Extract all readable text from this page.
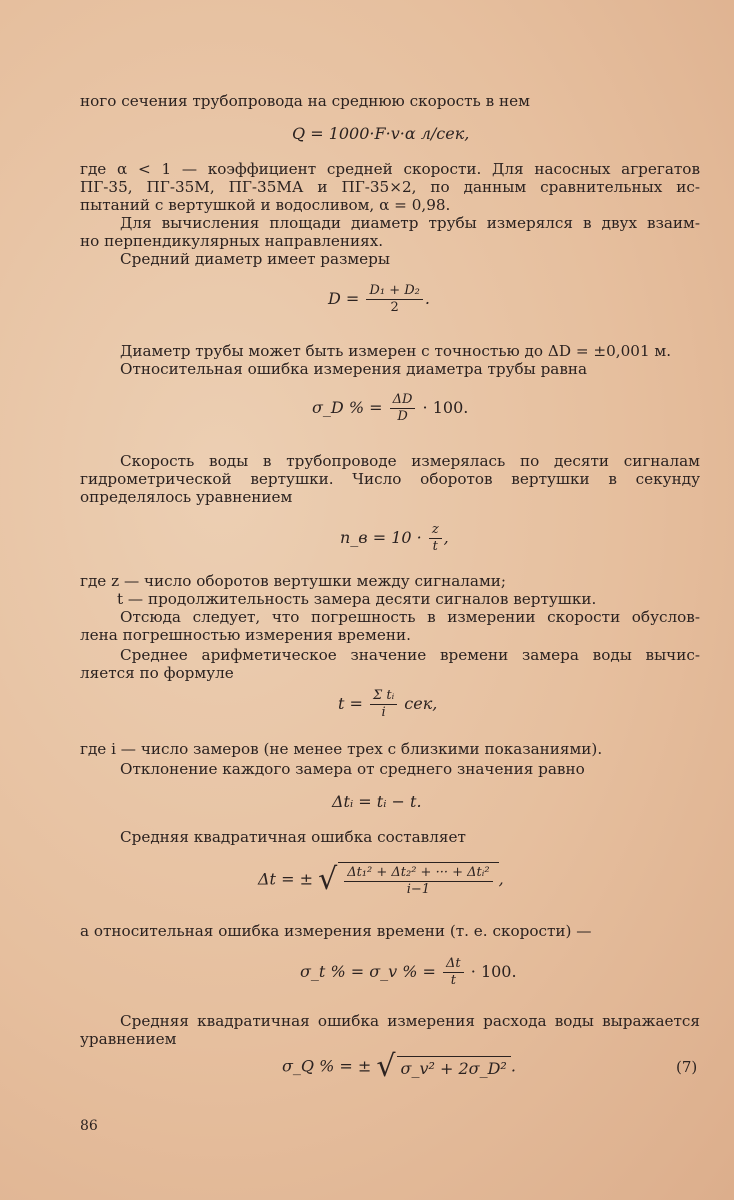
ного сечения трубопровода на среднюю скорость в нем
Q = 1000·F·v·α л/сек,
где α < 1 — коэффициент средней скорости. Для насосных агрегатов
ПГ-35, ПГ-35М, ПГ-35МА и ПГ-35×2, по данным сравнительных ис-
пытаний с вертушкой и водосливом, α = 0,98.
Для вычисления площади диаметр трубы измерялся в двух взаим-
но перпендикулярных направлениях.
Средний диаметр имеет размеры
$D = \frac{\text{D₁ + D₂}}{2}$ .
Диаметр трубы может быть измерен с точностью до ΔD = ±0,001 м.
Относительная ошибка измерения диаметра трубы равна
σ_D % = $\frac{\Delta D}{D} \cdot 100$.
Скорость воды в трубопроводе измерялась по десяти сигналам
гидрометрической вертушки. Число оборотов вертушки в секунду
определялось уравнением
n_в = $10 \cdot \frac{z}{t}$ ,
где z — число оборотов вертушки между сигналами;
t — продолжительность замера десяти сигналов вертушки.
Отсюда следует, что погрешность в измерении скорости обуслов-
лена погрешностью измерения времени.
Среднее арифметическое значение времени замера воды вычис-
ляется по формуле
$t = \frac{\text{Σ tᵢ}}{i}$ сек,
где i — число замеров (не менее трех с близкими показаниями).
Отклонение каждого замера от среднего значения равно
Δtᵢ = tᵢ − t.
Средняя квадратичная ошибка составляет
Δt = ± √ $\frac{\text{Δt₁² + Δt₂² + ··· + Δtᵢ²}}{i-1}$ ,
а относительная ошибка измерения времени (т. е. скорости) —
σ_t % = σ_v % = $\frac{\Delta t}{t} \cdot 100$.
Средняя квадратичная ошибка измерения расхода воды выражается
уравнением
σ_Q % = ± √ σ_v² + 2σ_D² .	(7)
86
